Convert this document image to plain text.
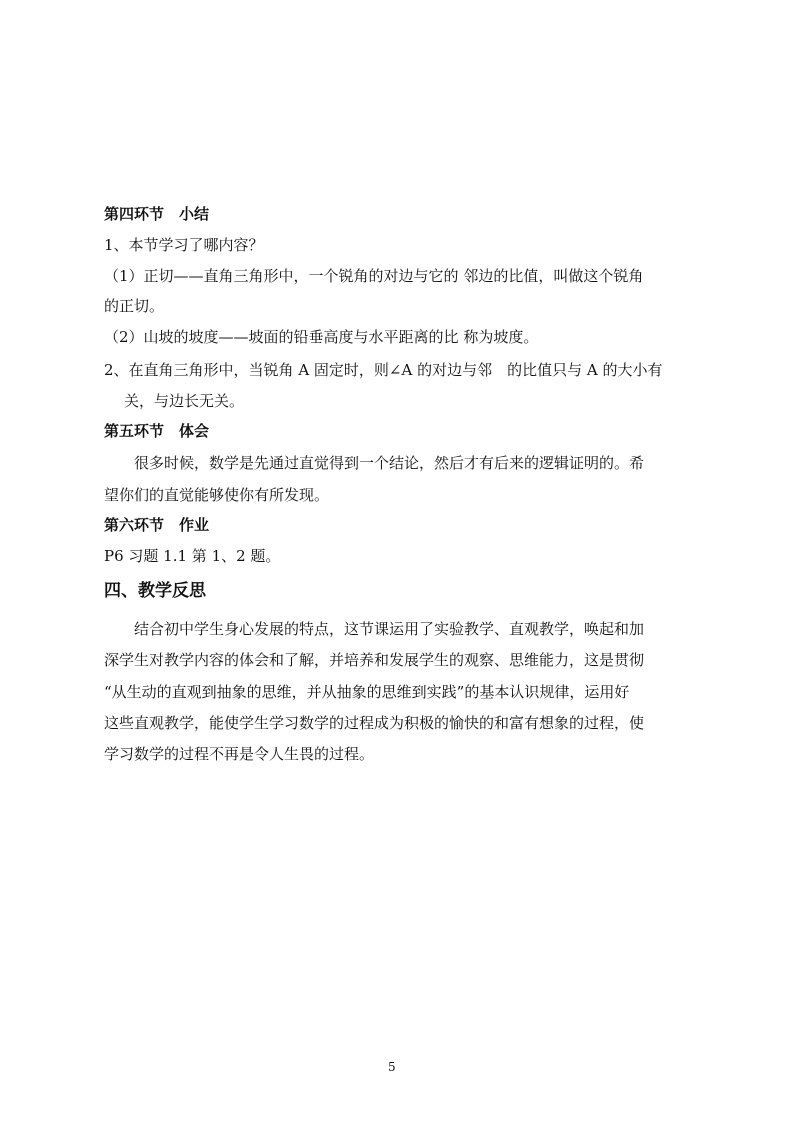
第四环节　小结
1、本节学习了哪内容？
（1）正切——直角三角形中，一个锐角的对边与它的 邻边的比值，叫做这个锐角
的正切。
（2）山坡的坡度——坡面的铅垂高度与水平距离的比 称为坡度。
2、在直角三角形中，当锐角 A 固定时，则∠A 的对边与邻　的比值只与 A 的大小有
关，与边长无关。
第五环节　体会
很多时候，数学是先通过直觉得到一个结论，然后才有后来的逻辑证明的。希
望你们的直觉能够使你有所发现。
第六环节　作业
P6 习题 1.1 第 1、2 题。
四、教学反思
结合初中学生身心发展的特点，这节课运用了实验教学、直观教学，唤起和加
深学生对教学内容的体会和了解，并培养和发展学生的观察、思维能力，这是贯彻
“从生动的直观到抽象的思维，并从抽象的思维到实践”的基本认识规律，运用好
这些直观教学，能使学生学习数学的过程成为积极的愉快的和富有想象的过程，使
学习数学的过程不再是令人生畏的过程。
5
